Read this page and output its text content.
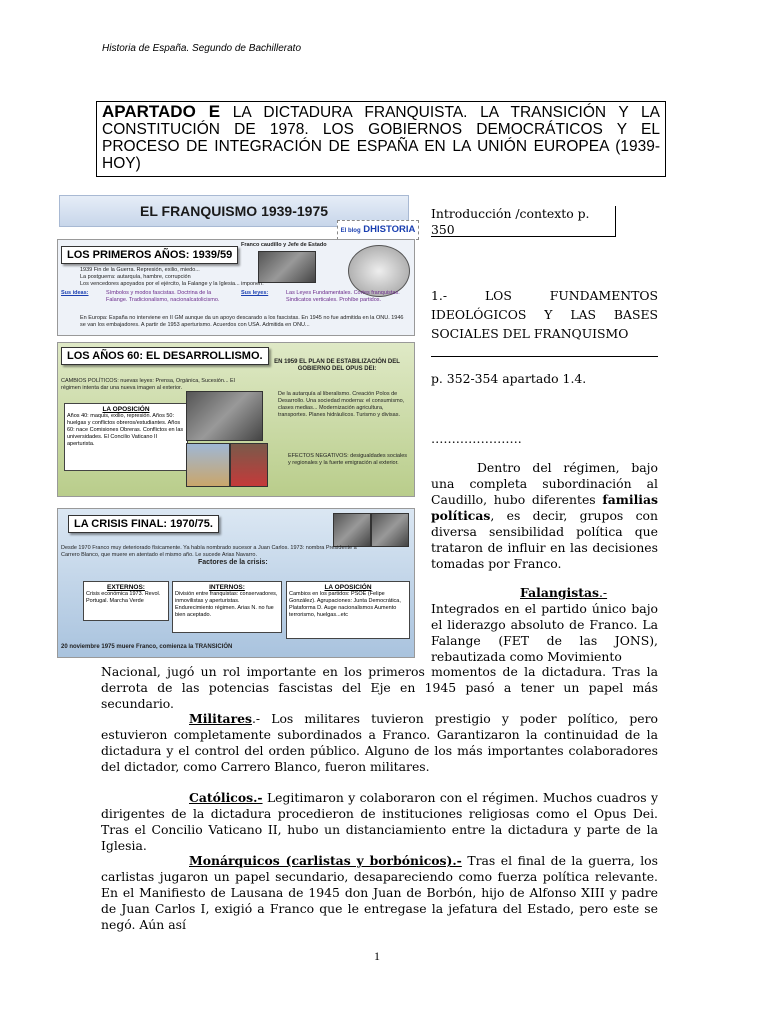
Historia de España. Segundo de Bachillerato
APARTADO E LA DICTADURA FRANQUISTA. LA TRANSICIÓN Y LA CONSTITUCIÓN DE 1978. LOS GOBIERNOS DEMOCRÁTICOS Y EL PROCESO DE INTEGRACIÓN DE ESPAÑA EN LA UNIÓN EUROPEA (1939-HOY)
EL FRANQUISMO 1939-1975
El blog DHISTORIA
LOS PRIMEROS AÑOS: 1939/59
Franco caudillo y Jefe de Estado

1939 Fin de la Guerra. Represión, exilio, miedo...

La postguerra: autarquía, hambre, corrupción

Los vencedores apoyados por el ejército, la Falange y la Iglesia... imponen:

Sus ideas:	Símbolos y modos fascistas. Doctrina de la Falange. Tradicionalismo, nacionalcatolicismo.
Sus leyes:	Las Leyes Fundamentales. Cortes franquistas. Sindicatos verticales. Prohíbe partidos.
En Europa: España no interviene en II GM aunque da un apoyo descarado a los fascistas. En 1945 no fue admitida en la ONU. 1946 se van los embajadores. A partir de 1953 aperturismo. Acuerdos con USA. Admitida en ONU...
LOS AÑOS 60: EL DESARROLLISMO.	EN 1959 EL PLAN DE ESTABILIZACIÓN DEL GOBIERNO DEL OPUS DEI:
CAMBIOS POLÍTICOS: nuevas leyes: Prensa, Orgánica, Sucesión... El régimen intenta dar una nueva imagen al exterior.
LA OPOSICIÓN
Años 40: maquis, exilio, represión. Años 50: huelgas y conflictos obreros/estudiantes. Años 60: nace Comisiones Obreras. Conflictos en las universidades. El Concilio Vaticano II aperturista.
De la autarquía al liberalismo. Creación Polos de Desarrollo. Una sociedad moderna: el consumismo, clases medias... Modernización agricultura, transportes. Planes hidráulicos. Turismo y divisas.
EFECTOS NEGATIVOS: desigualdades sociales y regionales y la fuerte emigración al exterior.
LA CRISIS FINAL: 1970/75.
Desde 1970 Franco muy deteriorado físicamente. Ya había nombrado sucesor a Juan Carlos. 1973: nombra Presidente a Carrero Blanco, que muere en atentado el mismo año. Le sucede Arias Navarro.
Factores de la crisis:
EXTERNOS:
Crisis económica 1973. Revol. Portugal. Marcha Verde
INTERNOS:
División entre franquistas: conservadores, inmovilistas y aperturistas. Endurecimiento régimen. Arias N. no fue bien aceptado.
LA OPOSICIÓN
Cambios en los partidos: PSOE (Felipe González). Agrupaciones: Junta Democrática, Plataforma D. Auge nacionalismos Aumento terrorismo, huelgas...etc
20 noviembre 1975 muere Franco, comienza la TRANSICIÓN
Introducción /contexto p. 350
1.- LOS FUNDAMENTOS IDEOLÓGICOS Y LAS BASES SOCIALES DEL FRANQUISMO
p. 352-354 apartado 1.4.
………………….
Dentro del régimen, bajo una completa subordinación al Caudillo, hubo diferentes familias políticas, es decir, grupos con diversa sensibilidad política que trataron de influir en las decisiones tomadas por Franco.
Falangistas.-
Integrados en el partido único bajo el liderazgo absoluto de Franco. La Falange (FET de las JONS), rebautizada como Movimiento
Nacional, jugó un rol importante en los primeros momentos de la dictadura. Tras la derrota de las potencias fascistas del Eje en 1945 pasó a tener un papel más secundario.
Militares.- Los militares tuvieron prestigio y poder político, pero estuvieron completamente subordinados a Franco. Garantizaron la continuidad de la dictadura y el control del orden público. Alguno de los más importantes colaboradores del dictador, como Carrero Blanco, fueron militares.
Católicos.- Legitimaron y colaboraron con el régimen. Muchos cuadros y dirigentes de la dictadura procedieron de instituciones religiosas como el Opus Dei. Tras el Concilio Vaticano II, hubo un distanciamiento entre la dictadura y parte de la Iglesia.
Monárquicos (carlistas y borbónicos).- Tras el final de la guerra, los carlistas jugaron un papel secundario, desapareciendo como fuerza política relevante. En el Manifiesto de Lausana de 1945 don Juan de Borbón, hijo de Alfonso XIII y padre de Juan Carlos I, exigió a Franco que le entregase la jefatura del Estado, pero este se negó. Aún así
1
